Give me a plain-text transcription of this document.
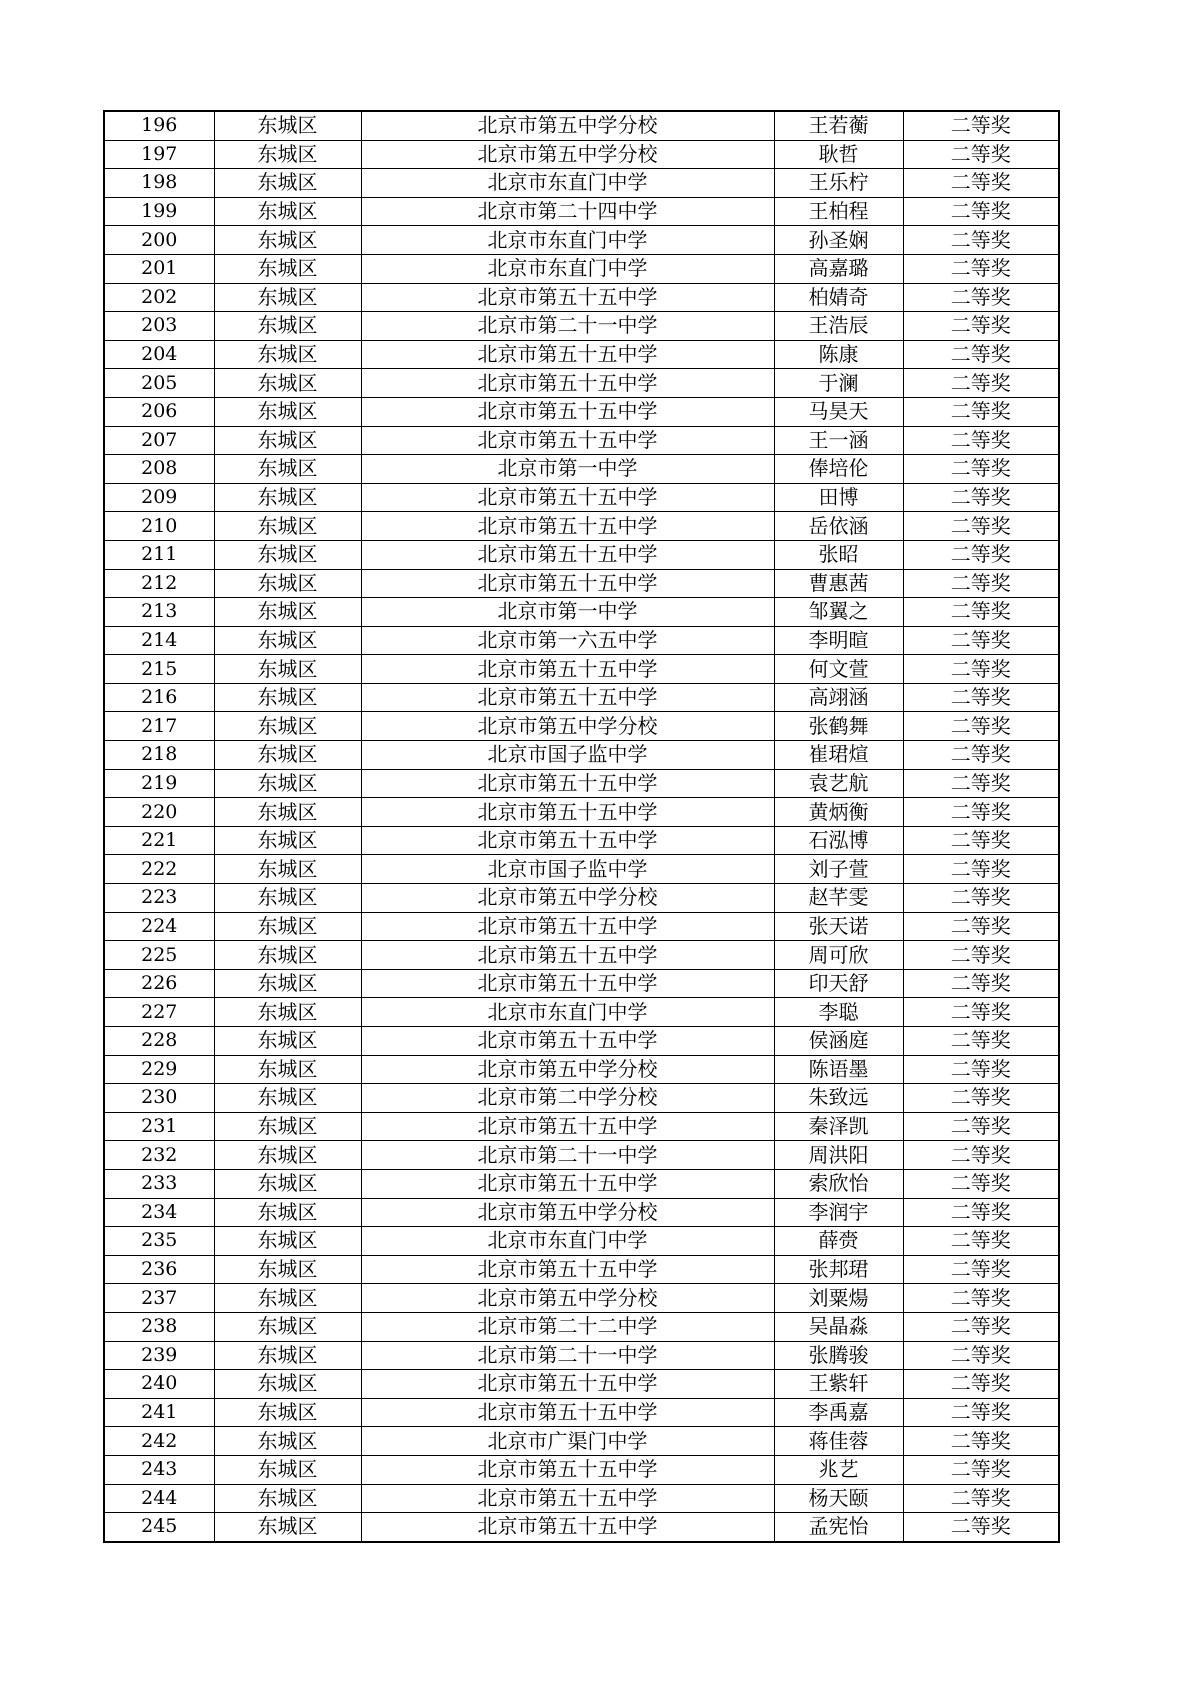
196	东城区	北京市第五中学分校	王若蘅	二等奖
197	东城区	北京市第五中学分校	耿哲	二等奖
198	东城区	北京市东直门中学	王乐柠	二等奖
199	东城区	北京市第二十四中学	王柏程	二等奖
200	东城区	北京市东直门中学	孙圣娴	二等奖
201	东城区	北京市东直门中学	高嘉璐	二等奖
202	东城区	北京市第五十五中学	柏婧奇	二等奖
203	东城区	北京市第二十一中学	王浩辰	二等奖
204	东城区	北京市第五十五中学	陈康	二等奖
205	东城区	北京市第五十五中学	于澜	二等奖
206	东城区	北京市第五十五中学	马昊天	二等奖
207	东城区	北京市第五十五中学	王一涵	二等奖
208	东城区	北京市第一中学	俸培伦	二等奖
209	东城区	北京市第五十五中学	田博	二等奖
210	东城区	北京市第五十五中学	岳依涵	二等奖
211	东城区	北京市第五十五中学	张昭	二等奖
212	东城区	北京市第五十五中学	曹惠茜	二等奖
213	东城区	北京市第一中学	邹翼之	二等奖
214	东城区	北京市第一六五中学	李明暄	二等奖
215	东城区	北京市第五十五中学	何文萱	二等奖
216	东城区	北京市第五十五中学	高翊涵	二等奖
217	东城区	北京市第五中学分校	张鹤舞	二等奖
218	东城区	北京市国子监中学	崔珺煊	二等奖
219	东城区	北京市第五十五中学	袁艺航	二等奖
220	东城区	北京市第五十五中学	黄炳衡	二等奖
221	东城区	北京市第五十五中学	石泓博	二等奖
222	东城区	北京市国子监中学	刘子萱	二等奖
223	东城区	北京市第五中学分校	赵芊雯	二等奖
224	东城区	北京市第五十五中学	张天诺	二等奖
225	东城区	北京市第五十五中学	周可欣	二等奖
226	东城区	北京市第五十五中学	印天舒	二等奖
227	东城区	北京市东直门中学	李聪	二等奖
228	东城区	北京市第五十五中学	侯涵庭	二等奖
229	东城区	北京市第五中学分校	陈语墨	二等奖
230	东城区	北京市第二中学分校	朱致远	二等奖
231	东城区	北京市第五十五中学	秦泽凯	二等奖
232	东城区	北京市第二十一中学	周洪阳	二等奖
233	东城区	北京市第五十五中学	索欣怡	二等奖
234	东城区	北京市第五中学分校	李润宇	二等奖
235	东城区	北京市东直门中学	薛赍	二等奖
236	东城区	北京市第五十五中学	张邦珺	二等奖
237	东城区	北京市第五中学分校	刘粟煬	二等奖
238	东城区	北京市第二十二中学	吴晶淼	二等奖
239	东城区	北京市第二十一中学	张腾骏	二等奖
240	东城区	北京市第五十五中学	王紫轩	二等奖
241	东城区	北京市第五十五中学	李禹嘉	二等奖
242	东城区	北京市广渠门中学	蒋佳蓉	二等奖
243	东城区	北京市第五十五中学	兆艺	二等奖
244	东城区	北京市第五十五中学	杨天颐	二等奖
245	东城区	北京市第五十五中学	孟宪怡	二等奖
